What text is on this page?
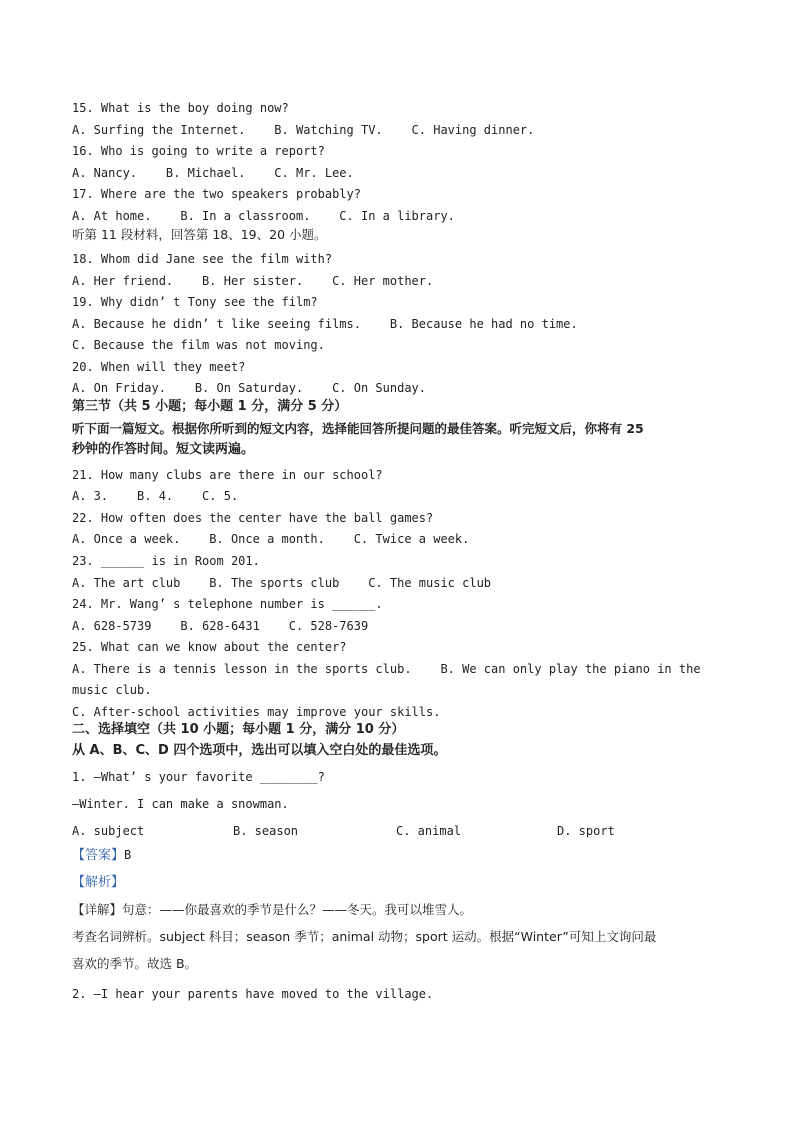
15. What is the boy doing now?
A. Surfing the Internet.    B. Watching TV.    C. Having dinner.
16. Who is going to write a report?
A. Nancy.    B. Michael.    C. Mr. Lee.
17. Where are the two speakers probably?
A. At home.    B. In a classroom.    C. In a library.
听第 11 段材料，回答第 18、19、20 小题。
18. Whom did Jane see the film with?
A. Her friend.    B. Her sister.    C. Her mother.
19. Why didn’ t Tony see the film?
A. Because he didn’ t like seeing films.    B. Because he had no time.
C. Because the film was not moving.
20. When will they meet?
A. On Friday.    B. On Saturday.    C. On Sunday.
第三节（共 5 小题；每小题 1 分，满分 5 分）
听下面一篇短文。根据你所听到的短文内容，选择能回答所提问题的最佳答案。听完短文后，你将有 25
秒钟的作答时间。短文读两遍。
21. How many clubs are there in our school?
A. 3.    B. 4.    C. 5.
22. How often does the center have the ball games?
A. Once a week.    B. Once a month.    C. Twice a week.
23. ______ is in Room 201.
A. The art club    B. The sports club    C. The music club
24. Mr. Wang’ s telephone number is ______.
A. 628-5739    B. 628-6431    C. 528-7639
25. What can we know about the center?
A. There is a tennis lesson in the sports club.    B. We can only play the piano in the
music club.
C. After-school activities may improve your skills.
二、选择填空（共 10 小题；每小题 1 分，满分 10 分）
从 A、B、C、D 四个选项中，选出可以填入空白处的最佳选项。
1. —What’ s your favorite ________?
—Winter. I can make a snowman.
A. subject	B. season	C. animal	D. sport
【答案】B
【解析】
【详解】句意：——你最喜欢的季节是什么？——冬天。我可以堆雪人。
考查名词辨析。subject 科目；season 季节；animal 动物；sport 运动。根据“Winter”可知上文询问最
喜欢的季节。故选 B。
2. —I hear your parents have moved to the village.
